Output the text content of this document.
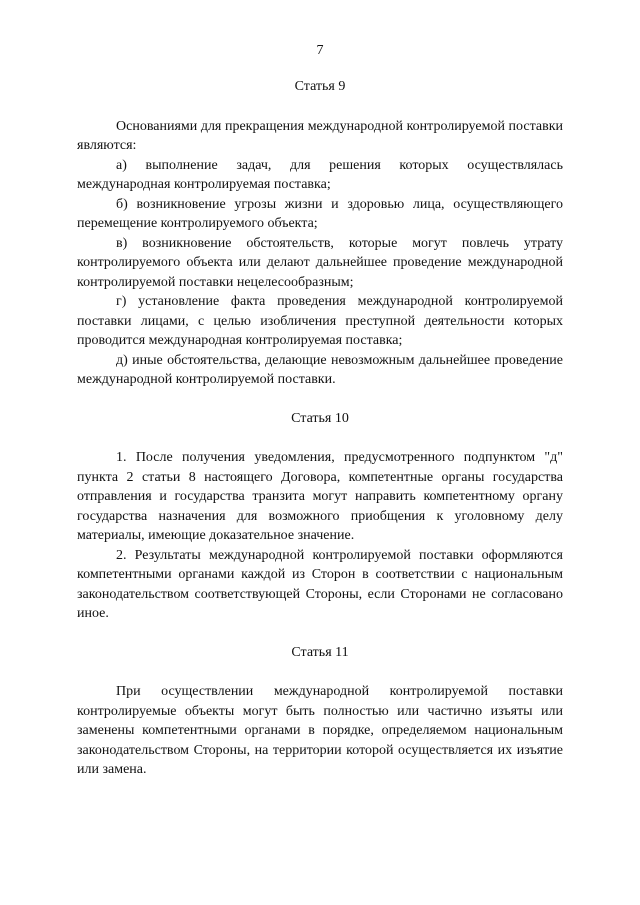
7

Статья 9

Основаниями для прекращения международной контролируемой поставки являются:

а) выполнение задач, для решения которых осуществлялась международная контролируемая поставка;

б) возникновение угрозы жизни и здоровью лица, осуществляющего перемещение контролируемого объекта;

в) возникновение обстоятельств, которые могут повлечь утрату контролируемого объекта или делают дальнейшее проведение международной контролируемой поставки нецелесообразным;

г) установление факта проведения международной контролируемой поставки лицами, с целью изобличения преступной деятельности которых проводится международная контролируемая поставка;

д) иные обстоятельства, делающие невозможным дальнейшее проведение международной контролируемой поставки.

Статья 10

1. После получения уведомления, предусмотренного подпунктом "д" пункта 2 статьи 8 настоящего Договора, компетентные органы государства отправления и государства транзита могут направить компетентному органу государства назначения для возможного приобщения к уголовному делу материалы, имеющие доказательное значение.

2. Результаты международной контролируемой поставки оформляются компетентными органами каждой из Сторон в соответствии с национальным законодательством соответствующей Стороны, если Сторонами не согласовано иное.

Статья 11

При осуществлении международной контролируемой поставки контролируемые объекты могут быть полностью или частично изъяты или заменены компетентными органами в порядке, определяемом национальным законодательством Стороны, на территории которой осуществляется их изъятие или замена.
